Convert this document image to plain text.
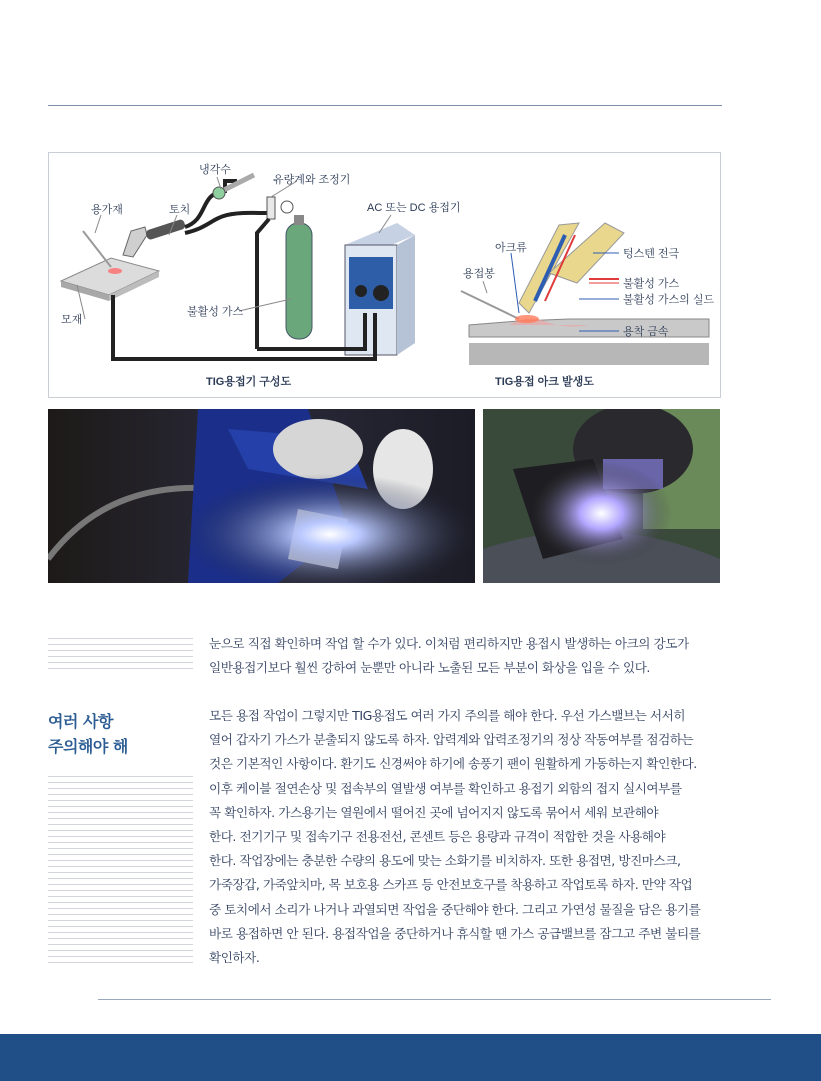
냉각수
유량계와 조정기
용가재	토치	AC 또는 DC 용접기
모재
불활성 가스
아크류
용접봉
텅스텐 전극
불활성 가스
불활성 가스의 실드
용착 금속
TIG용접기 구성도	TIG용접 아크 발생도
여러 사항
주의해야 해
눈으로 직접 확인하며 작업 할 수가 있다. 이처럼 편리하지만 용접시 발생하는 아크의 강도가
일반용접기보다 훨씬 강하여 눈뿐만 아니라 노출된 모든 부분이 화상을 입을 수 있다.
모든 용접 작업이 그렇지만 TIG용접도 여러 가지 주의를 해야 한다. 우선 가스밸브는 서서히
열어 갑자기 가스가 분출되지 않도록 하자. 압력계와 압력조정기의 정상 작동여부를 점검하는
것은 기본적인 사항이다. 환기도 신경써야 하기에 송풍기 팬이 원활하게 가동하는지 확인한다.
이후 케이블 절연손상 및 접속부의 열발생 여부를 확인하고 용접기 외함의 접지 실시여부를
꼭 확인하자. 가스용기는 열원에서 떨어진 곳에 넘어지지 않도록 묶어서 세워 보관해야
한다. 전기기구 및 접속기구 전용전선, 콘센트 등은 용량과 규격이 적합한 것을 사용해야
한다. 작업장에는 충분한 수량의 용도에 맞는 소화기를 비치하자. 또한 용접면, 방진마스크,
가죽장갑, 가죽앞치마, 목 보호용 스카프 등 안전보호구를 착용하고 작업토록 하자. 만약 작업
중 토치에서 소리가 나거나 과열되면 작업을 중단해야 한다. 그리고 가연성 물질을 담은 용기를
바로 용접하면 안 된다. 용접작업을 중단하거나 휴식할 땐 가스 공급밸브를 잠그고 주변 불티를
확인하자.
